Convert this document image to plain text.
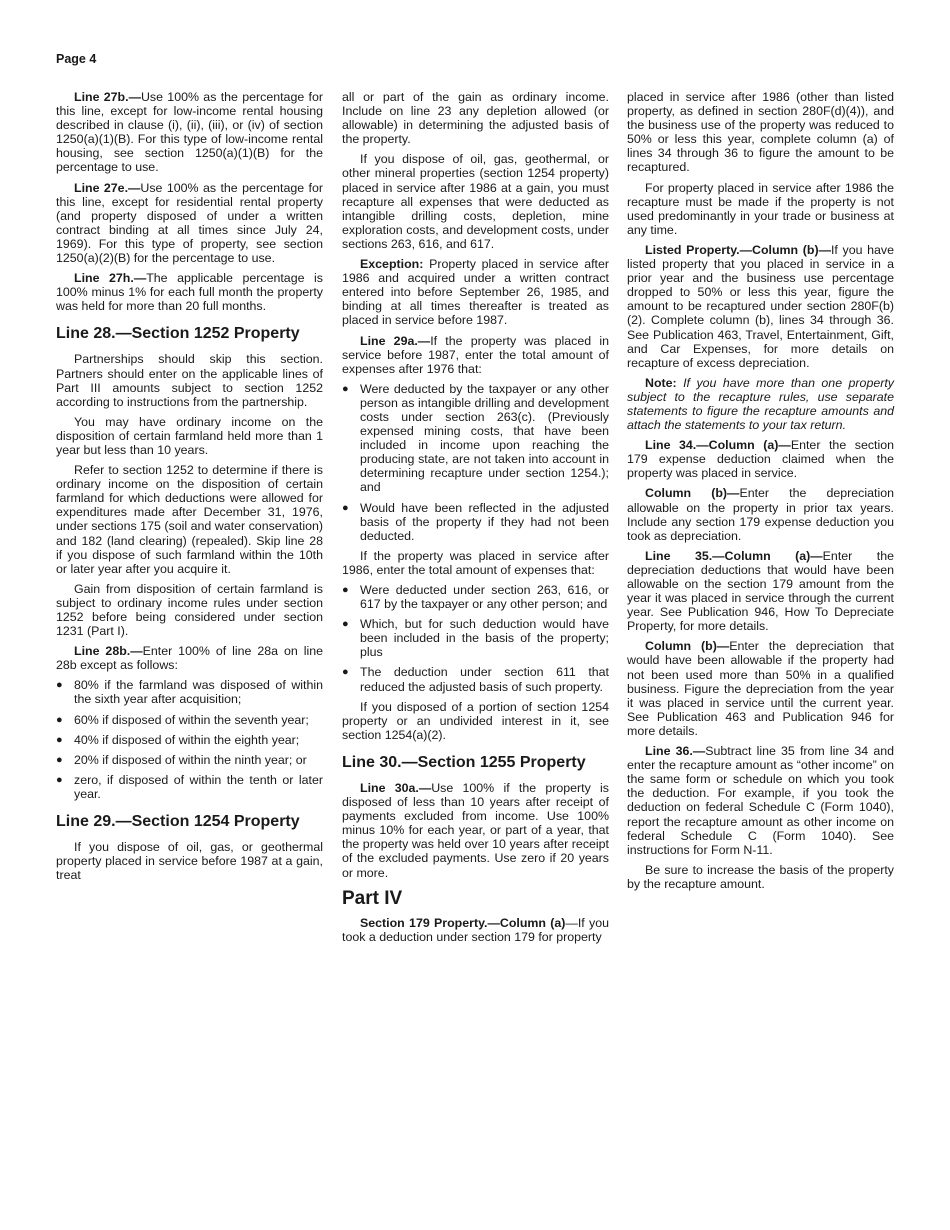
Page 4

Line 27b.—Use 100% as the percentage for this line, except for low-income rental housing described in clause (i), (ii), (iii), or (iv) of section 1250(a)(1)(B). For this type of low-income rental housing, see section 1250(a)(1)(B) for the percentage to use.

Line 27e.—Use 100% as the percentage for this line, except for residential rental property (and property disposed of under a written contract binding at all times since July 24, 1969). For this type of property, see section 1250(a)(2)(B) for the percentage to use.

Line 27h.—The applicable percentage is 100% minus 1% for each full month the property was held for more than 20 full months.

Line 28.—Section 1252 Property

Partnerships should skip this section. Partners should enter on the applicable lines of Part III amounts subject to section 1252 according to instructions from the partnership.

You may have ordinary income on the disposition of certain farmland held more than 1 year but less than 10 years.

Refer to section 1252 to determine if there is ordinary income on the disposition of certain farmland for which deductions were allowed for expenditures made after December 31, 1976, under sections 175 (soil and water conservation) and 182 (land clearing) (repealed). Skip line 28 if you dispose of such farmland within the 10th or later year after you acquire it.

Gain from disposition of certain farmland is subject to ordinary income rules under section 1252 before being considered under section 1231 (Part I).

Line 28b.—Enter 100% of line 28a on line 28b except as follows:

● 80% if the farmland was disposed of within the sixth year after acquisition;
● 60% if disposed of within the seventh year;
● 40% if disposed of within the eighth year;
● 20% if disposed of within the ninth year; or
● zero, if disposed of within the tenth or later year.
Line 29.—Section 1254 Property

If you dispose of oil, gas, or geothermal property placed in service before 1987 at a gain, treat

all or part of the gain as ordinary income. Include on line 23 any depletion allowed (or allowable) in determining the adjusted basis of the property.

If you dispose of oil, gas, geothermal, or other mineral properties (section 1254 property) placed in service after 1986 at a gain, you must recapture all expenses that were deducted as intangible drilling costs, depletion, mine exploration costs, and development costs, under sections 263, 616, and 617.

Exception: Property placed in service after 1986 and acquired under a written contract entered into before September 26, 1985, and binding at all times thereafter is treated as placed in service before 1987.

Line 29a.—If the property was placed in service before 1987, enter the total amount of expenses after 1976 that:

● Were deducted by the taxpayer or any other person as intangible drilling and development costs under section 263(c). (Previously expensed mining costs, that have been included in income upon reaching the producing state, are not taken into account in determining recapture under section 1254.); and
● Would have been reflected in the adjusted basis of the property if they had not been deducted.

If the property was placed in service after 1986, enter the total amount of expenses that:

● Were deducted under section 263, 616, or 617 by the taxpayer or any other person; and
● Which, but for such deduction would have been included in the basis of the property; plus
● The deduction under section 611 that reduced the adjusted basis of such property.

If you disposed of a portion of section 1254 property or an undivided interest in it, see section 1254(a)(2).

Line 30.—Section 1255 Property

Line 30a.—Use 100% if the property is disposed of less than 10 years after receipt of payments excluded from income. Use 100% minus 10% for each year, or part of a year, that the property was held over 10 years after receipt of the excluded payments. Use zero if 20 years or more.

Part IV

Section 179 Property.—Column (a)—If you took a deduction under section 179 for property

placed in service after 1986 (other than listed property, as defined in section 280F(d)(4)), and the business use of the property was reduced to 50% or less this year, complete column (a) of lines 34 through 36 to figure the amount to be recaptured.

For property placed in service after 1986 the recapture must be made if the property is not used predominantly in your trade or business at any time.

Listed Property.—Column (b)—If you have listed property that you placed in service in a prior year and the business use percentage dropped to 50% or less this year, figure the amount to be recaptured under section 280F(b)(2). Complete column (b), lines 34 through 36. See Publication 463, Travel, Entertainment, Gift, and Car Expenses, for more details on recapture of excess depreciation.

Note: If you have more than one property subject to the recapture rules, use separate statements to figure the recapture amounts and attach the statements to your tax return.

Line 34.—Column (a)—Enter the section 179 expense deduction claimed when the property was placed in service.

Column (b)—Enter the depreciation allowable on the property in prior tax years. Include any section 179 expense deduction you took as depreciation.

Line 35.—Column (a)—Enter the depreciation deductions that would have been allowable on the section 179 amount from the year it was placed in service through the current year. See Publication 946, How To Depreciate Property, for more details.

Column (b)—Enter the depreciation that would have been allowable if the property had not been used more than 50% in a qualified business. Figure the depreciation from the year it was placed in service until the current year. See Publication 463 and Publication 946 for more details.

Line 36.—Subtract line 35 from line 34 and enter the recapture amount as “other income” on the same form or schedule on which you took the deduction. For example, if you took the deduction on federal Schedule C (Form 1040), report the recapture amount as other income on federal Schedule C (Form 1040). See instructions for Form N-11.

Be sure to increase the basis of the property by the recapture amount.
